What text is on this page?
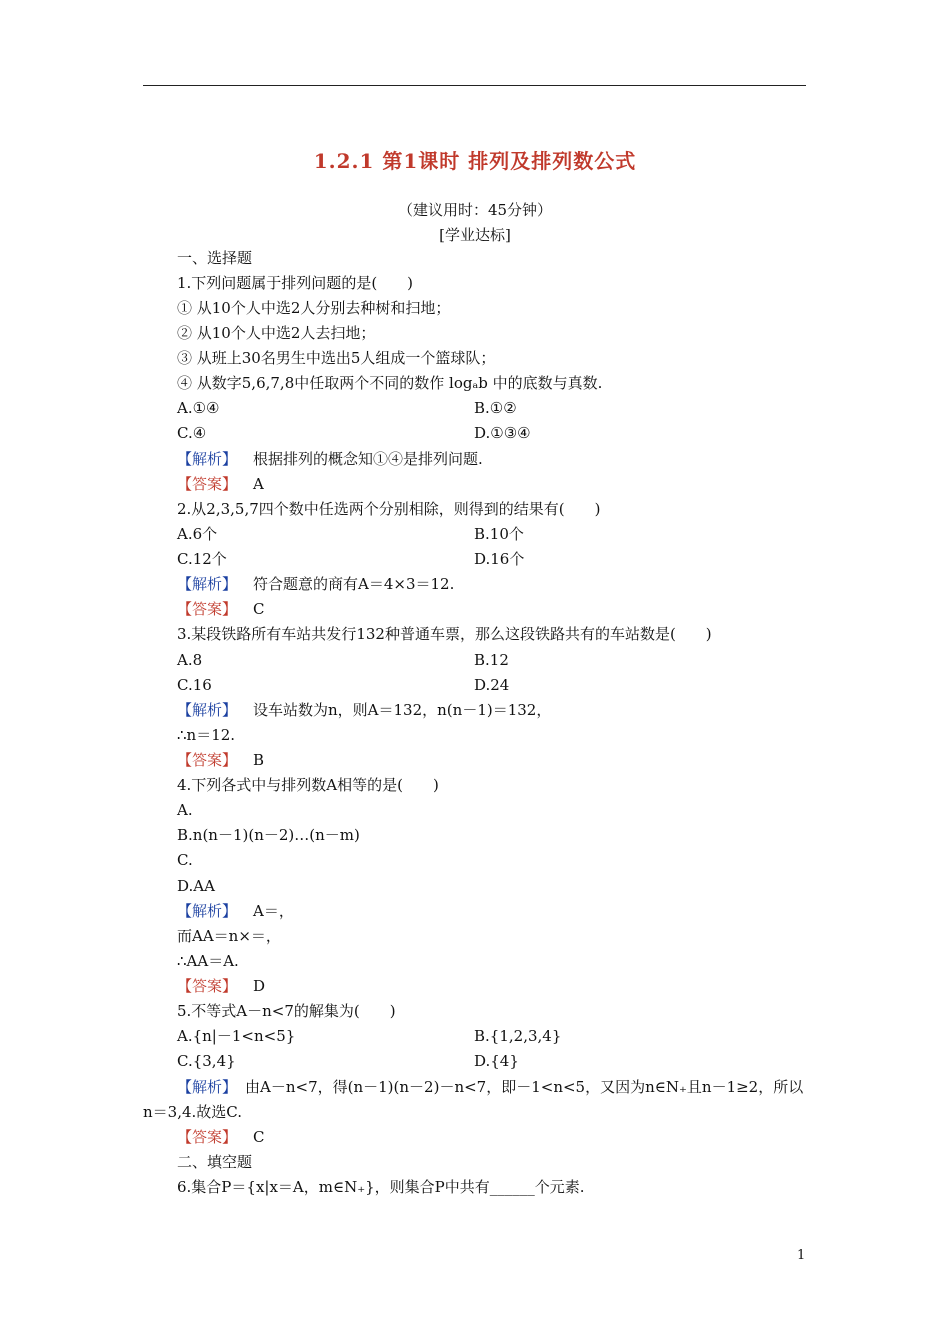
1.2.1 第1课时 排列及排列数公式
（建议用时：45分钟）
[学业达标]
一、选择题
1.下列问题属于排列问题的是(　　)
① 从10个人中选2人分别去种树和扫地；
② 从10个人中选2人去扫地；
③ 从班上30名男生中选出5人组成一个篮球队；
④ 从数字5,6,7,8中任取两个不同的数作 logₐb 中的底数与真数.
A.①④	B.①②
C.④	D.①③④
【解析】 根据排列的概念知①④是排列问题.
【答案】 A
2.从2,3,5,7四个数中任选两个分别相除，则得到的结果有(　　)
A.6个	B.10个
C.12个	D.16个
【解析】 符合题意的商有A＝4×3＝12.
【答案】 C
3.某段铁路所有车站共发行132种普通车票，那么这段铁路共有的车站数是(　　)
A.8	B.12
C.16	D.24
【解析】 设车站数为n，则A＝132，n(n－1)＝132，
∴n＝12.
【答案】 B
4.下列各式中与排列数A相等的是(　　)
A.
B.n(n－1)(n－2)…(n－m)
C.
D.AA
【解析】 A＝，
而AA＝n×＝，
∴AA＝A.
【答案】 D
5.不等式A－n<7的解集为(　　)
A.{n|－1<n<5}	B.{1,2,3,4}
C.{3,4}	D.{4}
【解析】 由A－n<7，得(n－1)(n－2)－n<7，即－1<n<5，又因为n∈N₊且n－1≥2，所以
n＝3,4.故选C.
【答案】 C
二、填空题
6.集合P＝{x|x＝A，m∈N₊}，则集合P中共有______个元素.
1
